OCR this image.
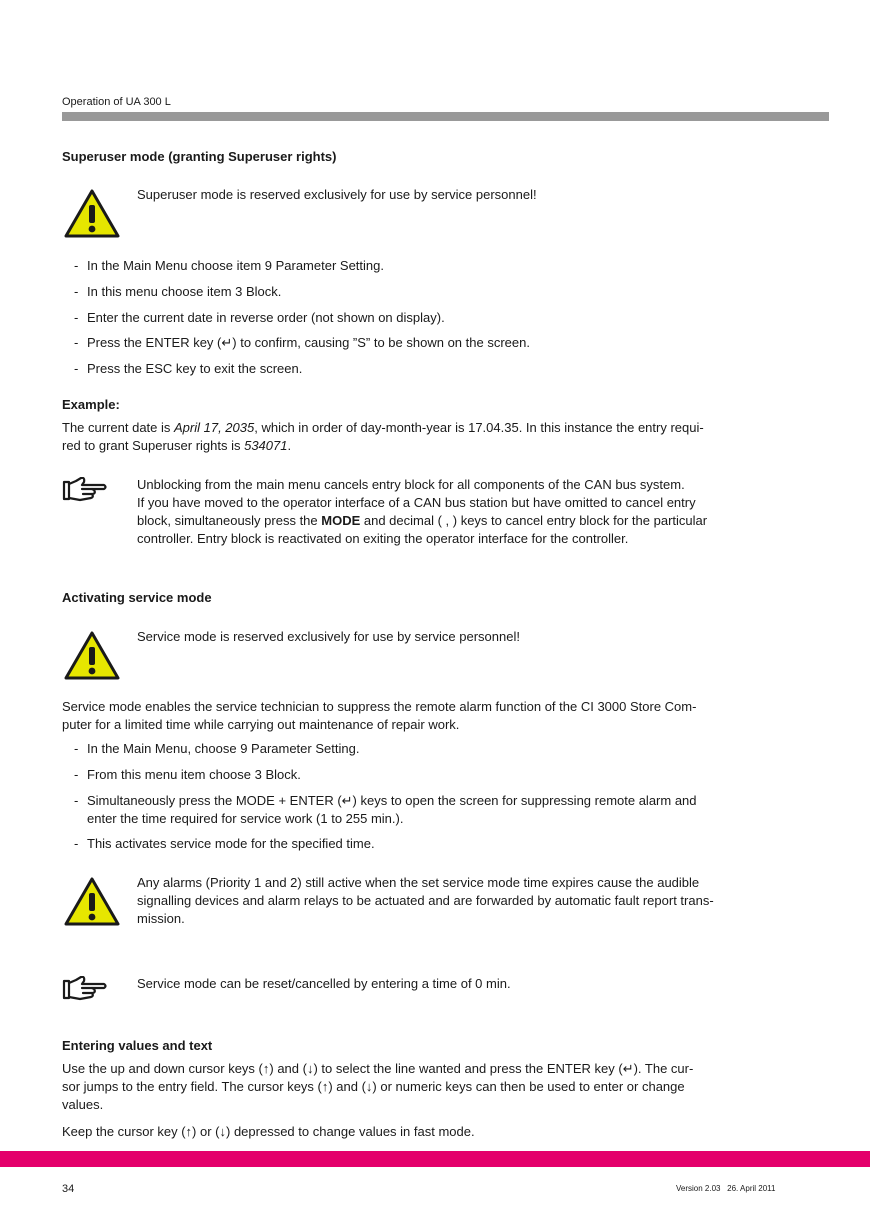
Operation of UA 300 L
Superuser mode (granting Superuser rights)
Superuser mode is reserved exclusively for use by service personnel!
- In the Main Menu choose item 9 Parameter Setting.
- In this menu choose item 3 Block.
- Enter the current date in reverse order (not shown on display).
- Press the ENTER key (↵) to confirm, causing ”S” to be shown on the screen.
- Press the ESC key to exit the screen.
Example:
The current date is April 17, 2035, which in order of day-month-year is 17.04.35. In this instance the entry requi-
red to grant Superuser rights is 534071.
Unblocking from the main menu cancels entry block for all components of the CAN bus system.
If you have moved to the operator interface of a CAN bus station but have omitted to cancel entry
block, simultaneously press the MODE and decimal ( , ) keys to cancel entry block for the particular
controller. Entry block is reactivated on exiting the operator interface for the controller.
Activating service mode
Service mode is reserved exclusively for use by service personnel!
Service mode enables the service technician to suppress the remote alarm function of the CI 3000 Store Com-
puter for a limited time while carrying out maintenance of repair work.
- In the Main Menu, choose 9 Parameter Setting.
- From this menu item choose 3 Block.
- Simultaneously press the MODE + ENTER (↵) keys to open the screen for suppressing remote alarm and
enter the time required for service work (1 to 255 min.).
- This activates service mode for the specified time.
Any alarms (Priority 1 and 2) still active when the set service mode time expires cause the audible
signalling devices and alarm relays to be actuated and are forwarded by automatic fault report trans-
mission.
Service mode can be reset/cancelled by entering a time of 0 min.
Entering values and text
Use the up and down cursor keys (↑) and (↓) to select the line wanted and press the ENTER key (↵). The cur-
sor jumps to the entry field. The cursor keys (↑) and (↓) or numeric keys can then be used to enter or change
values.
Keep the cursor key (↑) or (↓) depressed to change values in fast mode.
34	Version 2.03   26. April 2011
